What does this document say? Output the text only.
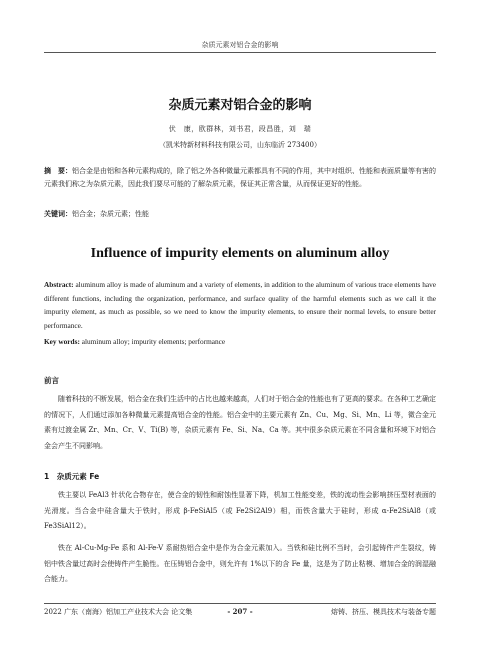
杂质元素对铝合金的影响
杂质元素对铝合金的影响
伏　康，欧群林，刘书君，段昌胜，刘　瑞
（凯米特新材料科技有限公司，山东临沂 273400）
摘　要：铝合金是由铝和各种元素构成的，除了铝之外各种微量元素都具有不同的作用，其中对组织、性能和表面质量等有害的元素我们称之为杂质元素，因此我们要尽可能的了解杂质元素，保证其正常含量，从而保证更好的性能。
关键词：铝合金；杂质元素；性能
Influence of impurity elements on aluminum alloy
Abstract: aluminum alloy is made of aluminum and a variety of elements, in addition to the aluminum of various trace elements have different functions, including the organization, performance, and surface quality of the harmful elements such as we call it the impurity element, as much as possible, so we need to know the impurity elements, to ensure their normal levels, to ensure better performance.
Key words: aluminum alloy; impurity elements; performance
前言

随着科技的不断发展，铝合金在我们生活中的占比也越来越高，人们对于铝合金的性能也有了更高的要求。在各种工艺确定的情况下，人们通过添加各种微量元素提高铝合金的性能。铝合金中的主要元素有 Zn、Cu、Mg、Si、Mn、Li 等，微合金元素有过渡金属 Zr、Mn、Cr、V、Ti(B) 等，杂质元素有 Fe、Si、Na、Ca 等。其中很多杂质元素在不同含量和环境下对铝合金会产生不同影响。

1　杂质元素 Fe

铁主要以 FeAl3 针状化合物存在，使合金的韧性和耐蚀性显著下降，机加工性能变差，铁的流动性会影响挤压型材表面的光滑度。当合金中硅含量大于铁时，形成 β-FeSiAl5（或 Fe2Si2Al9）相，而铁含量大于硅时，形成 α-Fe2SiAl8（或 Fe3SiAl12）。

铁在 Al-Cu-Mg-Fe 系和 Al-Fe-V 系耐热铝合金中是作为合金元素加入。当铁和硅比例不当时，会引起铸件产生裂纹，铸铝中铁含量过高时会使铸件产生脆性。在压铸铝合金中，则允许有 1%以下的含 Fe 量，这是为了防止粘模、增加合金的润湿融合能力。

2022 广东（南海）铝加工产业技术大会 论文集	- 207 -	熔铸、挤压、模具技术与装备专题
